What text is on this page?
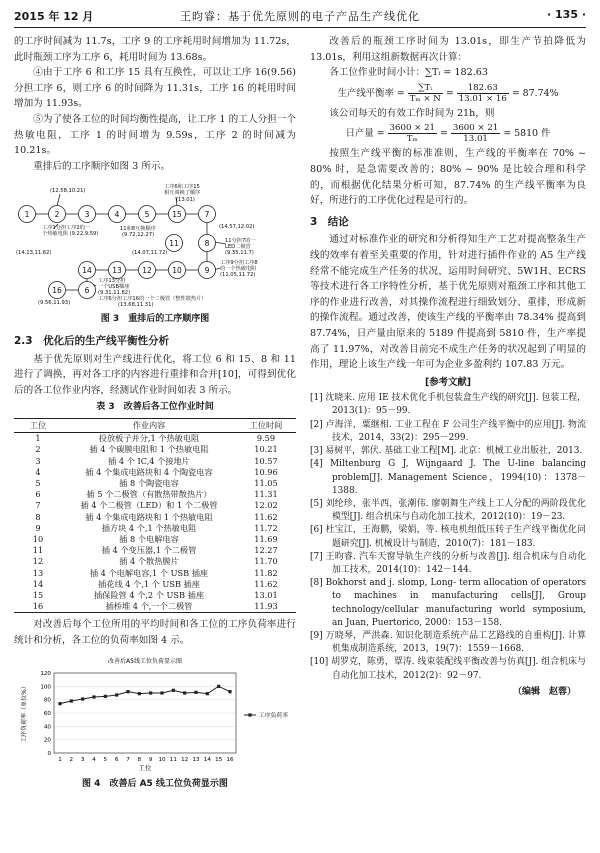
2015 年 12 月	王昀睿：基于优先原则的电子产品生产线优化	· 135 ·

的工序时间减为 11.7s，工序 9 的工序耗用时间增加为 11.72s，此时瓶颈工序为工序 6，耗用时间为 13.68s。

④由于工序 6 和工序 15 具有互换性，可以让工序 16(9.56) 分担工序 6，则工序 6 的时间降为 11.31s，工序 16 的耗用时间增加为 11.93s。

⑤为了使各工位的时间均衡性提高，让工序 1 的工人分担一个热敏电阻，工序 1 的时间增为 9.59s，工序 2 的时间减为 10.21s。

重排后的工序顺序如图 3 所示。

1	2	3	4	5	15	7
11	8
9
10
12
13
14
6
16
(12.58,10.21)
工序6和工序15
相互调换了顺序
(13.01)
工序1分担工序2的一
个热敏电阻 (9.22,9.59)
11和8互换顺序
(9.72,12.27)
(14.57,12.02)
11分担7的一
LED二极管
(9.35,11.7)
(14.13,11.62)	(14.07,11.72)
工序9分担工序8
的一个热敏电阻
(11.05,11.72)
工序13分担
一个USB插座
(9.31,11.82)
工序6分担工序16的一个二极管（整性散热片）
(13.68,11.31)
(9.56,11.93)
图 3　重排后的工序顺序图
2.3　优化后的生产线平衡性分析

基于优先原则对生产线进行优化，将工位 6 和 15、8 和 11 进行了调换，再对各工序的内容进行重排和合并[10]，可得到优化后的各工位作业内容，经测试作业时间如表 3 所示。

表 3　改善后各工位作业时间
工位	作业内容	工位时间
1	投放板子并分,1 个热敏电阻	9.59
2	插 4 个碳膜电阻和 1 个热敏电阻	10.21
3	插 4 个 IC,4 个接地片	10.57
4	插 4 个集成电路块和 4 个陶瓷电容	10.96
5	插 8 个陶瓷电容	11.05
6	插 5 个二极管（有散热带散热片）	11.31
7	插 4 个二极管（LED）和 1 个二极管	12.02
8	插 4 个集成电路块和 1 个热敏电阻	11.62
9	插方块 4 个,1 个热敏电阻	11.72
10	插 8 个电解电容	11.69
11	插 4 个变压器,1 个二极管	12.27
12	插 4 个散热膜片	11.70
13	插 4 个电解电容,1 个 USB 插座	11.82
14	插花线 4 个,1 个 USB 插座	11.62
15	插保险管 4 个,2 个 USB 插座	13.01
16	插桥堆 4 个,一个二极管	11.93

对改善后每个工位所用的平均时间和各工位的工序负荷率进行统计和分析，各工位的负荷率如图 4 示。

改善后A5线工位负荷显示图
0
20
40
60
80
100
120
1 2 3 4 5 6 7 8 9 10 11 12 13 14 15 16
工位
工序负荷率（单位%）	工序负荷率
图 4　改善后 A5 线工位负荷显示图

改善后的瓶颈工序时间为 13.01s，即生产节拍降低为 13.01s，利用这组新数据再次计算：

各工位作业时间小计：∑Tᵢ = 182.63

生产线平衡率 = $\frac{\text{∑Tᵢ}}{\text{Tₘ × N}} = \frac{182.63}{13.01 \times 16} = 87.74\%$

该公司每天的有效工作时间为 21h，则

日产量 = $\frac{3600 \times 21}{\text{Tₘ}} = \frac{3600 \times 21}{13.01} = 5810$ 件

按照生产线平衡的标准准则，生产线的平衡率在 70% ~ 80% 时，是急需要改善的；80% ~ 90% 是比较合理和科学的，而根据优化结果分析可知，87.74% 的生产线平衡率为良好，所进行的工序优化过程是可行的。

3　结论

通过对标准作业的研究和分析得知生产工艺对提高整条生产线的效率有着至关重要的作用，针对进行插件作业的 A5 生产线经常不能完成生产任务的状况，运用时间研究、5W1H、ECRS 等技术进行各工序特性分析，基于优先原则对瓶颈工序和其他工序的作业进行改善，对其操作流程进行细致划分、重排，形成新的操作流程。通过改善，使该生产线的平衡率由 78.34% 提高到 87.74%，日产量由原来的 5189 件提高到 5810 件，生产率提高了 11.97%，对改善目前完不成生产任务的状况起到了明显的作用，理论上该生产线一年可为企业多盈利约 107.83 万元。

[参考文献]
[1] 沈晓来. 应用 IE 技术优化手机包装盒生产线的研究[J]. 包装工程，2013(1)：95－99.
[2] 卢海洋，粟继相. 工业工程在 F 公司生产线平衡中的应用[J]. 物流技术，2014，33(2)：295－299.
[3] 易树平，郭伏. 基础工业工程[M]. 北京：机械工业出版社，2013.
[4] Miltenburg G J, Wijngaard J. The U-line balancing problem[J]. Management Science，1994(10)：1378－1388.
[5] 刘纶珍，张半西，张潮伟. 廖朝舞生产线上工人分配的两阶段优化模型[J]. 组合机床与自动化加工技术，2012(10)：19－23.
[6] 杜宝江，王海鹏，梁娟，等. 核电机组低压转子生产线平衡优化问题研究[J]. 机械设计与制造，2010(7)：181－183.
[7] 王昀睿. 汽车天窗导轨生产线的分析与改善[J]. 组合机床与自动化加工技术，2014(10)：142－144.
[8] Bokhorst and j. slomp, Long- term allocation of operators to machines in manufacturing cells[J], Group technology/cellular manufacturing world symposium, an Juan, Puertorico, 2000：153－158.
[9] 万晓琴，严洪森. 知识化制造系统产品工艺路线的自重构[J]. 计算机集成制造系统，2013，19(7)：1559－1668.
[10] 胡罗克，陈勇，覃涛. 线束装配线平衡改善与仿真[J]. 组合机床与自动化加工技术，2012(2)：92－97.
（编辑　赵蓉）
